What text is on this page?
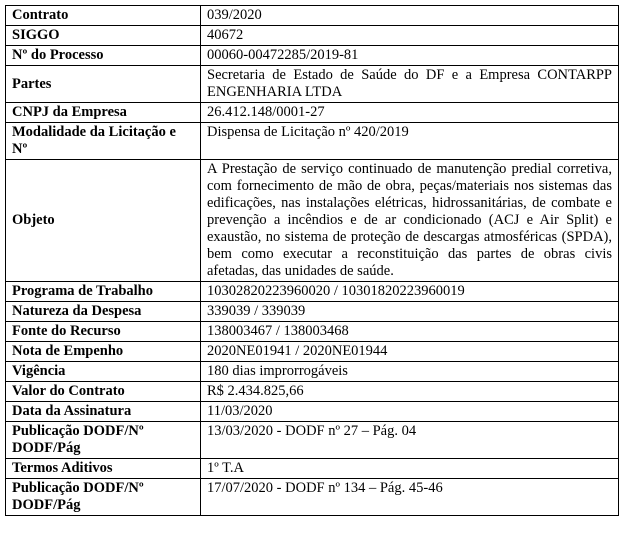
Contrato	039/2020
SIGGO	40672
Nº do Processo	00060-00472285/2019-81
Partes	Secretaria de Estado de Saúde do DF e a Empresa CONTARPP ENGENHARIA LTDA
CNPJ da Empresa	26.412.148/0001-27
Modalidade da Licitação e Nº	Dispensa de Licitação nº 420/2019
Objeto	A Prestação de serviço continuado de manutenção predial corretiva, com fornecimento de mão de obra, peças/materiais nos sistemas das edificações, nas instalações elétricas, hidrossanitárias, de combate e prevenção a incêndios e de ar condicionado (ACJ e Air Split) e exaustão, no sistema de proteção de descargas atmosféricas (SPDA), bem como executar a reconstituição das partes de obras civis afetadas, das unidades de saúde.
Programa de Trabalho	10302820223960020 / 10301820223960019
Natureza da Despesa	339039 / 339039
Fonte do Recurso	138003467 / 138003468
Nota de Empenho	2020NE01941 / 2020NE01944
Vigência	180 dias improrrogáveis
Valor do Contrato	R$ 2.434.825,66
Data da Assinatura	11/03/2020
Publicação DODF/Nº DODF/Pág	13/03/2020 - DODF nº 27 – Pág. 04
Termos Aditivos	1º T.A
Publicação DODF/Nº DODF/Pág	17/07/2020 - DODF nº 134 – Pág. 45-46
